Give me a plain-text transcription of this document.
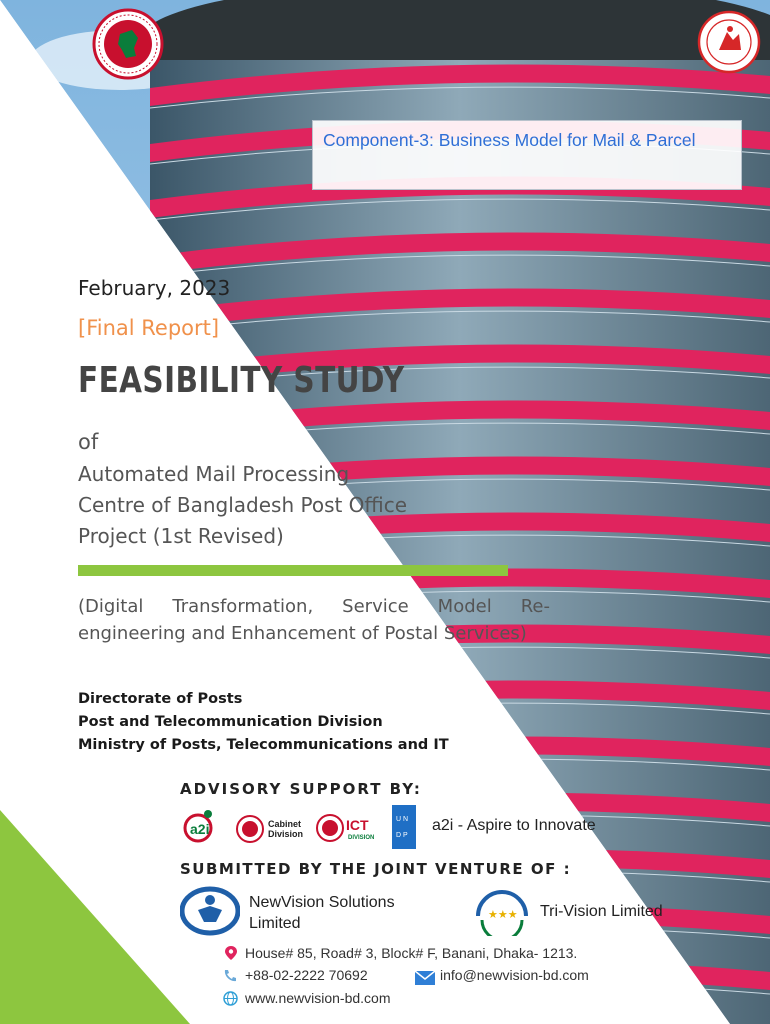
Component-3: Business Model for Mail & Parcel
February, 2023
[Final Report]
FEASIBILITY STUDY
of
Automated Mail Processing
Centre of Bangladesh Post Office
Project (1st Revised)
(Digital Transformation, Service Model Re-engineering and Enhancement of Postal Services)
Directorate of Posts
Post and Telecommunication Division
Ministry of Posts, Telecommunications and IT
ADVISORY SUPPORT BY:
a2i	Cabinet
Division
ICT
DIVISION
U N
D P
a2i - Aspire to Innovate
SUBMITTED BY THE JOINT VENTURE OF :
NewVision Solutions
Limited
★★★ Tri-Vision Limited
House# 85, Road# 3, Block# F, Banani, Dhaka- 1213.
+88-02-2222 70692	info@newvision-bd.com
www.newvision-bd.com
